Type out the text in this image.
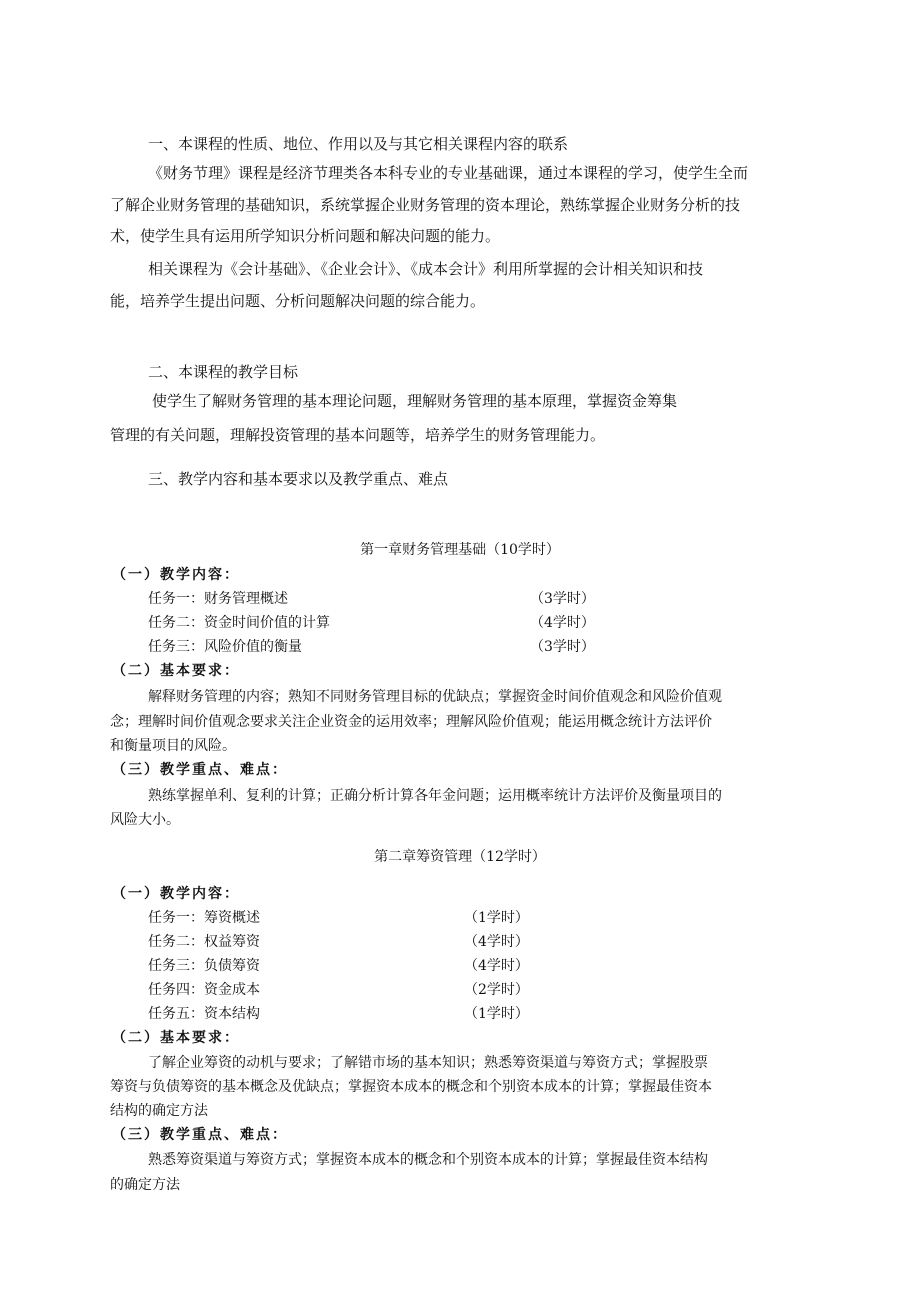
一、本课程的性质、地位、作用以及与其它相关课程内容的联系
《财务节理》课程是经济节理类各本科专业的专业基础课，通过本课程的学习，使学生全而
了解企业财务管理的基础知识，系统掌握企业财务管理的资本理论，熟练掌握企业财务分析的技
术，使学生具有运用所学知识分析问题和解决问题的能力。
相关课程为《会计基础》、《企业会计》、《成本会计》利用所掌握的会计相关知识和技
能，培养学生提出问题、分析问题解决问题的综合能力。
二、本课程的教学目标
使学生了解财务管理的基本理论问题，理解财务管理的基本原理，掌握资金筹集
管理的有关问题，理解投资管理的基本问题等，培养学生的财务管理能力。
三、教学内容和基本要求以及教学重点、难点
第一章财务管理基础（10学时）
（一）教学内容：
任务一：财务管理概述	（3学时）
任务二：资金时间价值的计算	（4学时）
任务三：风险价值的衡量	（3学时）
（二）基本要求：
解释财务管理的内容；熟知不同财务管理目标的优缺点；掌握资金时间价值观念和风险价值观
念；理解时间价值观念要求关注企业资金的运用效率；理解风险价值观；能运用概念统计方法评价
和衡量项目的风险。
（三）教学重点、难点：
熟练掌握单利、复利的计算；正确分析计算各年金问题；运用概率统计方法评价及衡量项目的
风险大小。
第二章筹资管理（12学时）
（一）教学内容：
任务一：筹资概述	（1学时）
任务二：权益筹资	（4学时）
任务三：负债筹资	（4学时）
任务四：资金成本	（2学时）
任务五：资本结构	（1学时）
（二）基本要求：
了解企业筹资的动机与要求；了解错市场的基本知识；熟悉筹资渠道与筹资方式；掌握股票
筹资与负债筹资的基本概念及优缺点；掌握资本成本的概念和个别资本成本的计算；掌握最佳资本
结构的确定方法
（三）教学重点、难点：
熟悉筹资渠道与筹资方式；掌握资本成本的概念和个别资本成本的计算；掌握最佳资本结构
的确定方法
